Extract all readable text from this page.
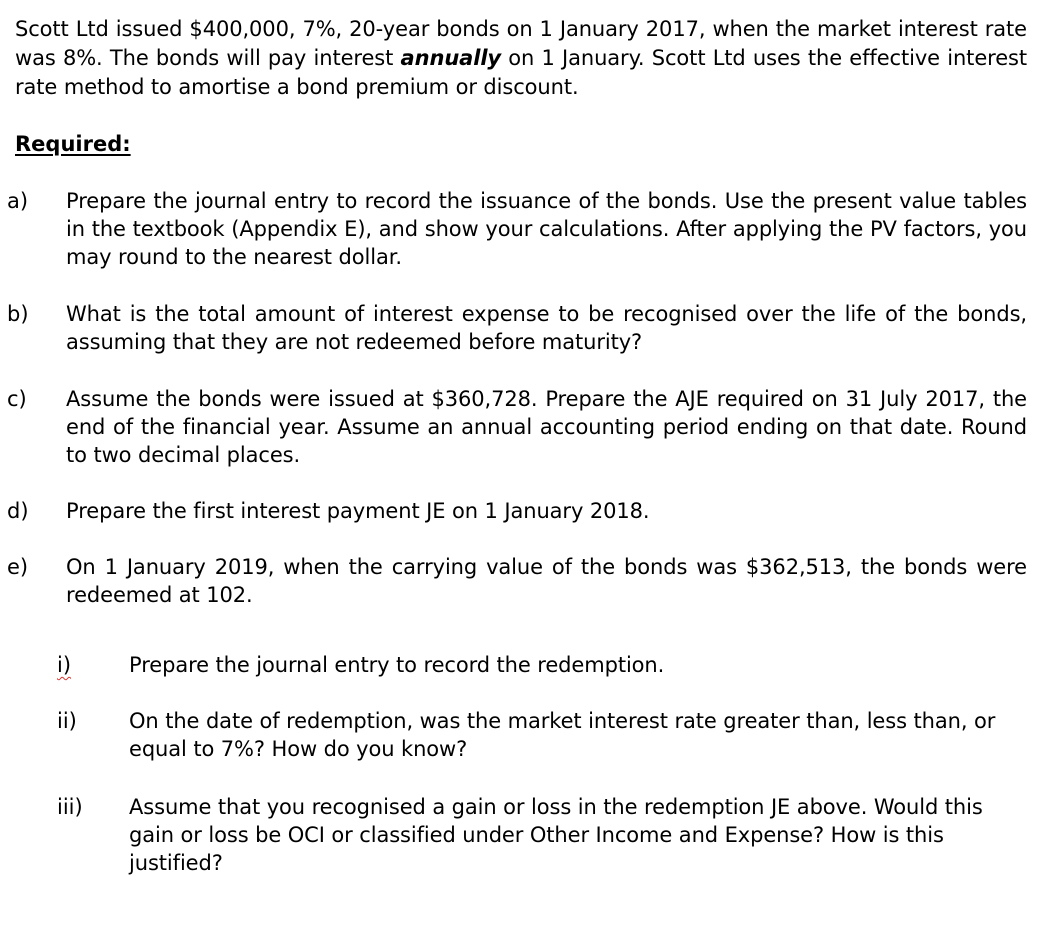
Scott Ltd issued $400,000, 7%, 20-year bonds on 1 January 2017, when the market interest rate was 8%. The bonds will pay interest annually on 1 January. Scott Ltd uses the effective interest rate method to amortise a bond premium or discount.
Required:
a) Prepare the journal entry to record the issuance of the bonds. Use the present value tables in the textbook (Appendix E), and show your calculations. After applying the PV factors, you may round to the nearest dollar.
b) What is the total amount of interest expense to be recognised over the life of the bonds, assuming that they are not redeemed before maturity?
c) Assume the bonds were issued at $360,728. Prepare the AJE required on 31 July 2017, the end of the financial year. Assume an annual accounting period ending on that date. Round to two decimal places.
d) Prepare the first interest payment JE on 1 January 2018.
e) On 1 January 2019, when the carrying value of the bonds was $362,513, the bonds were redeemed at 102.
i)	Prepare the journal entry to record the redemption.
ii) On the date of redemption, was the market interest rate greater than, less than, or equal to 7%? How do you know?
iii) Assume that you recognised a gain or loss in the redemption JE above. Would this gain or loss be OCI or classified under Other Income and Expense? How is this justified?
